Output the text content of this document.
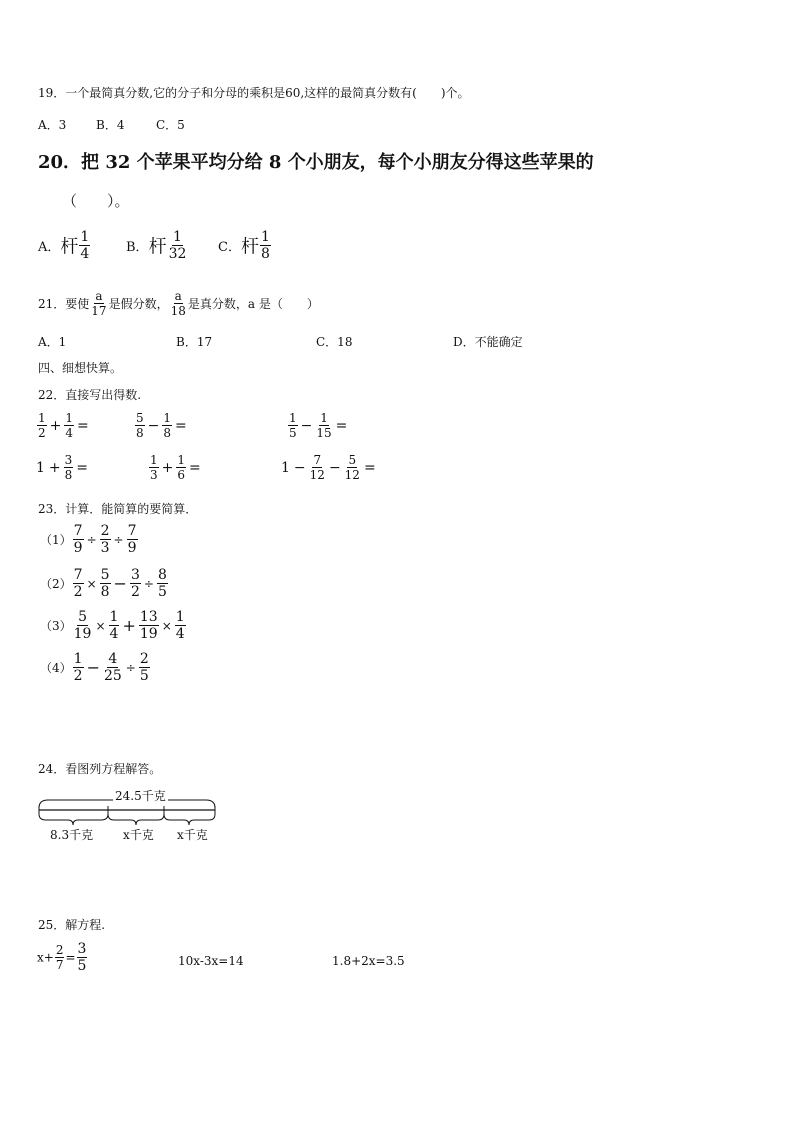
19．一个最简真分数,它的分子和分母的乘积是60,这样的最简真分数有(　　)个。
A．3 B．4	C．5
20．把 32 个苹果平均分给 8 个小朋友，每个小朋友分得这些苹果的
（　　）。
A．杆 $\frac{1}{4}$	B．杆 $\frac{1}{32}$ C．杆 $\frac{1}{8}$
21．要使 $\frac{a}{17}$ 是假分数， $\frac{a}{18}$ 是真分数，a 是（　　）
A．1	B．17	C．18	D．不能确定
四、细想快算。
22．直接写出得数.
$\frac{1}{2} + \frac{1}{4}$ =	$\frac{5}{8} - \frac{1}{8}$ =	$\frac{1}{5} - \frac{1}{15}$ =
$1 + \frac{3}{8}$ =	$\frac{1}{3} + \frac{1}{6}$ =	$1 - \frac{7}{12} - \frac{5}{12}$ =
23．计算．能简算的要简算．
$(1) \frac{7}{9} \div \frac{2}{3} \div \frac{7}{9}$
$(2) \frac{7}{2} \times \frac{5}{8} - \frac{3}{2} \div \frac{8}{5}$
$(3) \frac{5}{19} \times \frac{1}{4} + \frac{13}{19} \times \frac{1}{4}$
$(4) \frac{1}{2} - \frac{4}{25} \div \frac{2}{5}$
24．看图列方程解答。
24.5千克
8.3千克 x千克 x千克
25．解方程.
$x+ \frac{2}{7} = \frac{3}{5}$	10x-3x=14	1.8+2x=3.5
